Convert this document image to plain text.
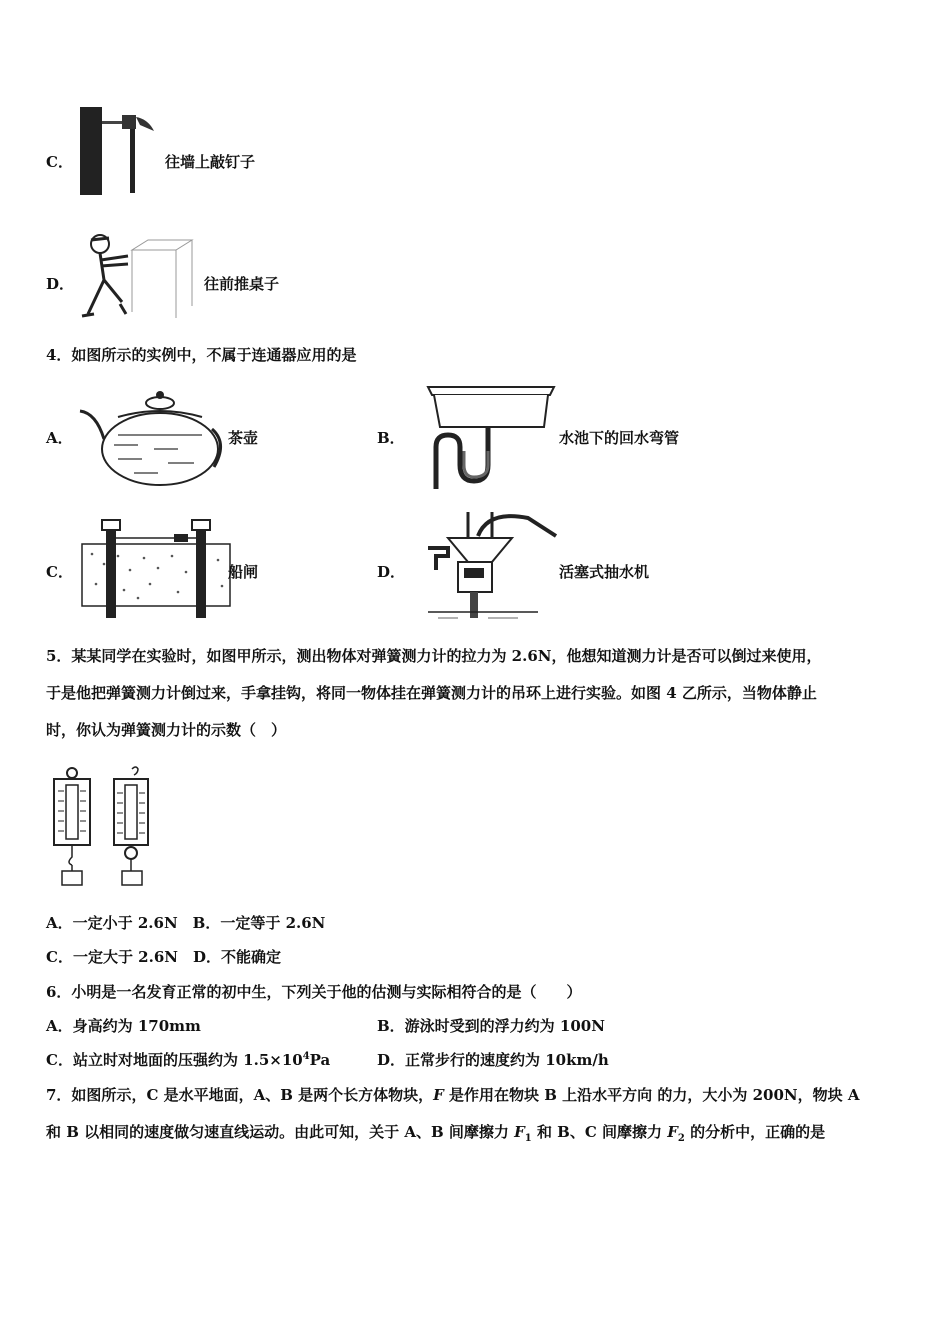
C．	往墙上敲钉子
D．	往前推桌子
4．如图所示的实例中，不属于连通器应用的是
A．	茶壶	B．	水池下的回水弯管
C．	船闸	D．	活塞式抽水机
5．某某同学在实验时，如图甲所示，测出物体对弹簧测力计的拉力为 2.6N，他想知道测力计是否可以倒过来使用，
于是他把弹簧测力计倒过来，手拿挂钩，将同一物体挂在弹簧测力计的吊环上进行实验。如图 4 乙所示，当物体静止
时，你认为弹簧测力计的示数（　）
A．一定小于 2.6N　B．一定等于 2.6N
C．一定大于 2.6N　D．不能确定
6．小明是一名发育正常的初中生，下列关于他的估测与实际相符合的是（　　）
A．身高约为 170mm	B．游泳时受到的浮力约为 100N
C．站立时对地面的压强约为 $1.5\times 10^4Pa$	D．正常步行的速度约为 10km/h
7．如图所示，C 是水平地面，A、B 是两个长方体物块，F 是作用在物块 B 上沿水平方向 的力，大小为 200N，物块 A
和 B 以相同的速度做匀速直线运动。由此可知，关于 A、B 间摩擦力 $F_1$ 和 B、C 间摩擦力 $F_2$ 的分析中，正确的是
